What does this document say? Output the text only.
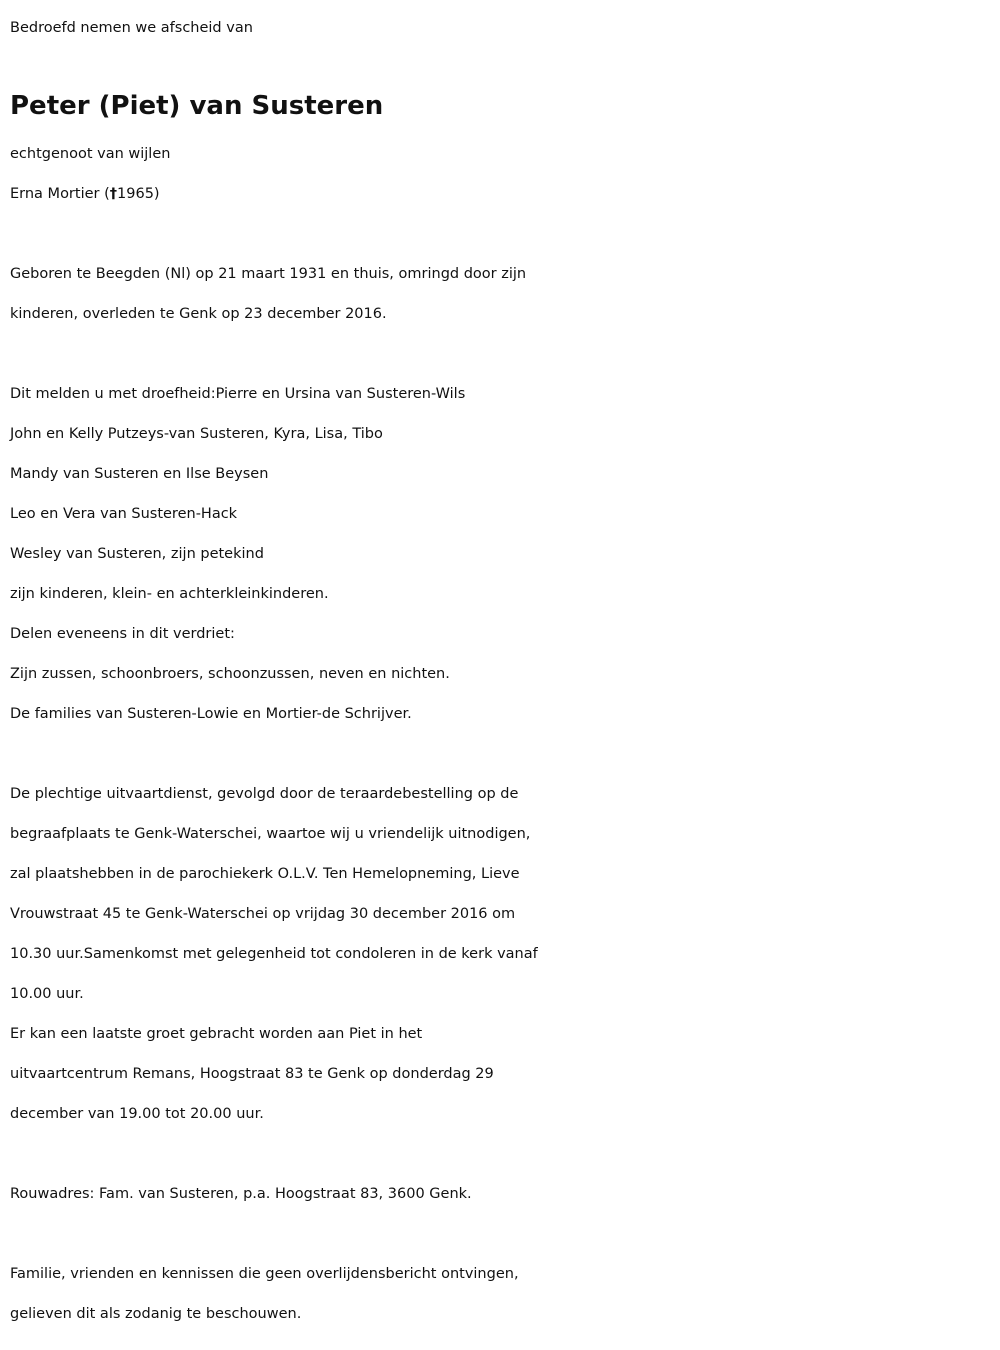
Bedroefd nemen we afscheid van
Peter (Piet) van Susteren
echtgenoot van wijlen
Erna Mortier (†1965)
Geboren te Beegden (Nl) op 21 maart 1931 en thuis, omringd door zijn
kinderen, overleden te Genk op 23 december 2016.
Dit melden u met droefheid:Pierre en Ursina van Susteren-Wils
John en Kelly Putzeys-van Susteren, Kyra, Lisa, Tibo
Mandy van Susteren en Ilse Beysen
Leo en Vera van Susteren-Hack
Wesley van Susteren, zijn petekind
zijn kinderen, klein- en achterkleinkinderen.
Delen eveneens in dit verdriet:
Zijn zussen, schoonbroers, schoonzussen, neven en nichten.
De families van Susteren-Lowie en Mortier-de Schrijver.
De plechtige uitvaartdienst, gevolgd door de teraardebestelling op de
begraafplaats te Genk-Waterschei, waartoe wij u vriendelijk uitnodigen,
zal plaatshebben in de parochiekerk O.L.V. Ten Hemelopneming, Lieve
Vrouwstraat 45 te Genk-Waterschei op vrijdag 30 december 2016 om
10.30 uur.Samenkomst met gelegenheid tot condoleren in de kerk vanaf
10.00 uur.
Er kan een laatste groet gebracht worden aan Piet in het
uitvaartcentrum Remans, Hoogstraat 83 te Genk op donderdag 29
december van 19.00 tot 20.00 uur.
Rouwadres: Fam. van Susteren, p.a. Hoogstraat 83, 3600 Genk.
Familie, vrienden en kennissen die geen overlijdensbericht ontvingen,
gelieven dit als zodanig te beschouwen.
